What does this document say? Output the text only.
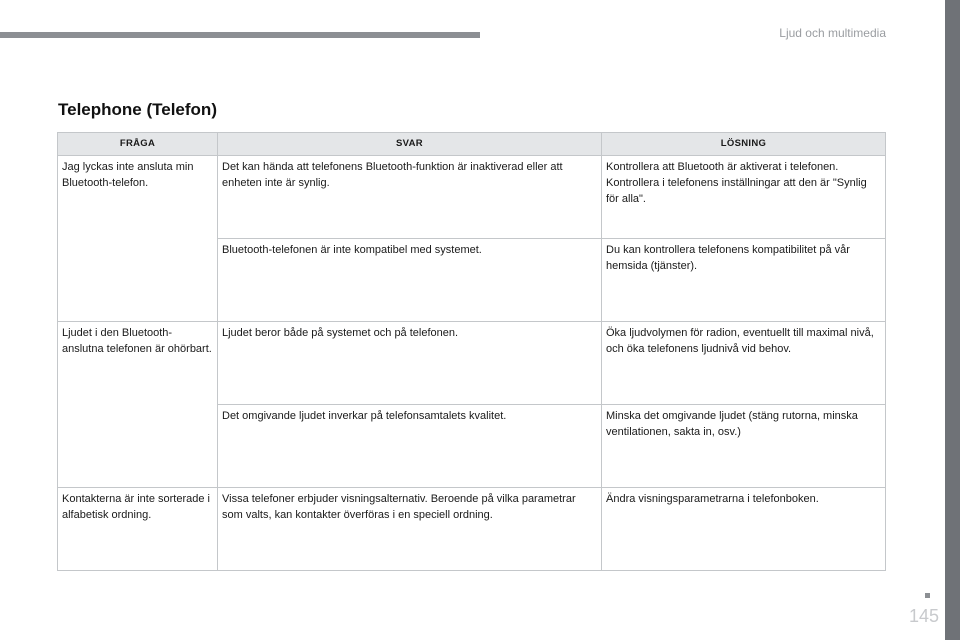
Ljud och multimedia
Telephone (Telefon)
FRÅGA	SVAR	LÖSNING
Jag lyckas inte ansluta min Bluetooth-telefon.	Det kan hända att telefonens Bluetooth-funktion är inaktiverad eller att enheten inte är synlig.	Kontrollera att Bluetooth är aktiverat i telefonen.
Kontrollera i telefonens inställningar att den är "Synlig för alla".

	Bluetooth-telefonen är inte kompatibel med systemet.	Du kan kontrollera telefonens kompatibilitet på vår hemsida (tjänster).
Ljudet i den Bluetooth-anslutna telefonen är ohörbart.	Ljudet beror både på systemet och på telefonen.	Öka ljudvolymen för radion, eventuellt till maximal nivå, och öka telefonens ljudnivå vid behov.
	Det omgivande ljudet inverkar på telefonsamtalets kvalitet.	Minska det omgivande ljudet (stäng rutorna, minska ventilationen, sakta in, osv.)
Kontakterna är inte sorterade i alfabetisk ordning.	Vissa telefoner erbjuder visningsalternativ. Beroende på vilka parametrar som valts, kan kontakter överföras i en speciell ordning.	Ändra visningsparametrarna i telefonboken.
145
